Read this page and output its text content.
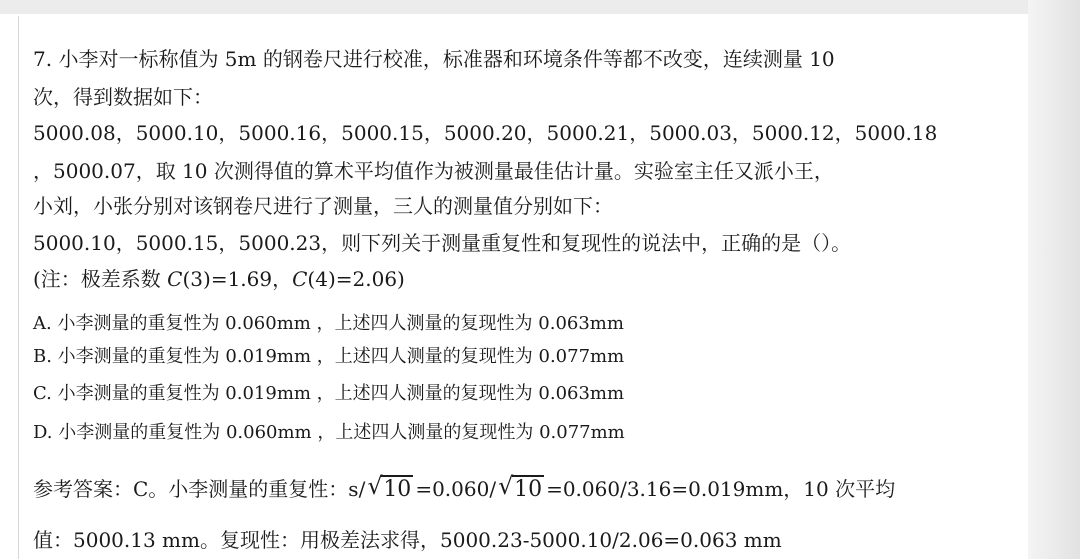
7. 小李对一标称值为 5m 的钢卷尺进行校准，标准器和环境条件等都不改变，连续测量 10
次，得到数据如下：
5000.08，5000.10，5000.16，5000.15，5000.20，5000.21，5000.03，5000.12，5000.18
，5000.07，取 10 次测得值的算术平均值作为被测量最佳估计量。实验室主任又派小王，
小刘，小张分别对该钢卷尺进行了测量，三人的测量值分别如下：
5000.10，5000.15，5000.23，则下列关于测量重复性和复现性的说法中，正确的是（）。
(注：极差系数 C(3)=1.69，C(4)=2.06)
A. 小李测量的重复性为 0.060mm ，上述四人测量的复现性为 0.063mm
B. 小李测量的重复性为 0.019mm ，上述四人测量的复现性为 0.077mm
C. 小李测量的重复性为 0.019mm ，上述四人测量的复现性为 0.063mm
D. 小李测量的重复性为 0.060mm ，上述四人测量的复现性为 0.077mm
参考答案：C。小李测量的重复性：s/ √ 10 =0.060/ √ 10 =0.060/3.16=0.019mm，10 次平均
值：5000.13 mm。复现性：用极差法求得，5000.23-5000.10/2.06=0.063 mm
